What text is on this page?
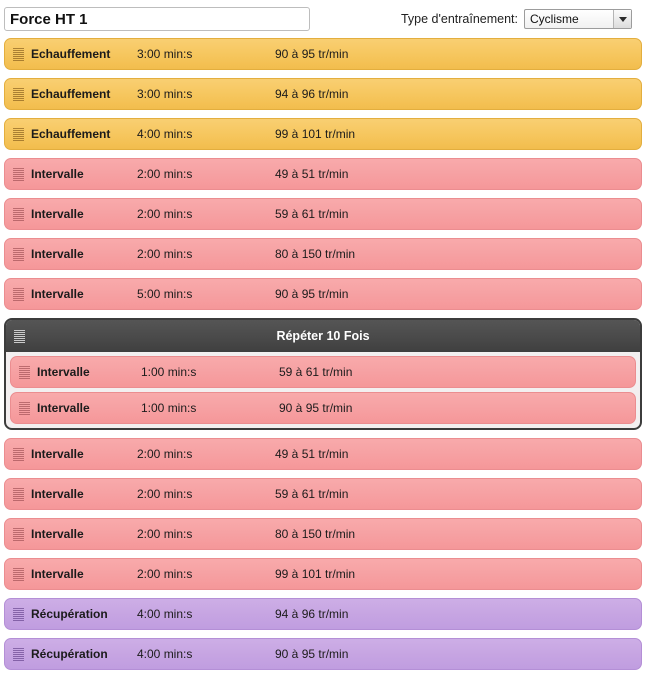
Force HT 1
Type d'entraînement:	Cyclisme
Echauffement	3:00 min:s	90 à 95 tr/min
Echauffement	3:00 min:s	94 à 96 tr/min
Echauffement	4:00 min:s	99 à 101 tr/min
Intervalle	2:00 min:s	49 à 51 tr/min
Intervalle	2:00 min:s	59 à 61 tr/min
Intervalle	2:00 min:s	80 à 150 tr/min
Intervalle	5:00 min:s	90 à 95 tr/min
Répéter 10 Fois
Intervalle	1:00 min:s	59 à 61 tr/min
Intervalle	1:00 min:s	90 à 95 tr/min
Intervalle	2:00 min:s	49 à 51 tr/min
Intervalle	2:00 min:s	59 à 61 tr/min
Intervalle	2:00 min:s	80 à 150 tr/min
Intervalle	2:00 min:s	99 à 101 tr/min
Récupération	4:00 min:s	94 à 96 tr/min
Récupération	4:00 min:s	90 à 95 tr/min
